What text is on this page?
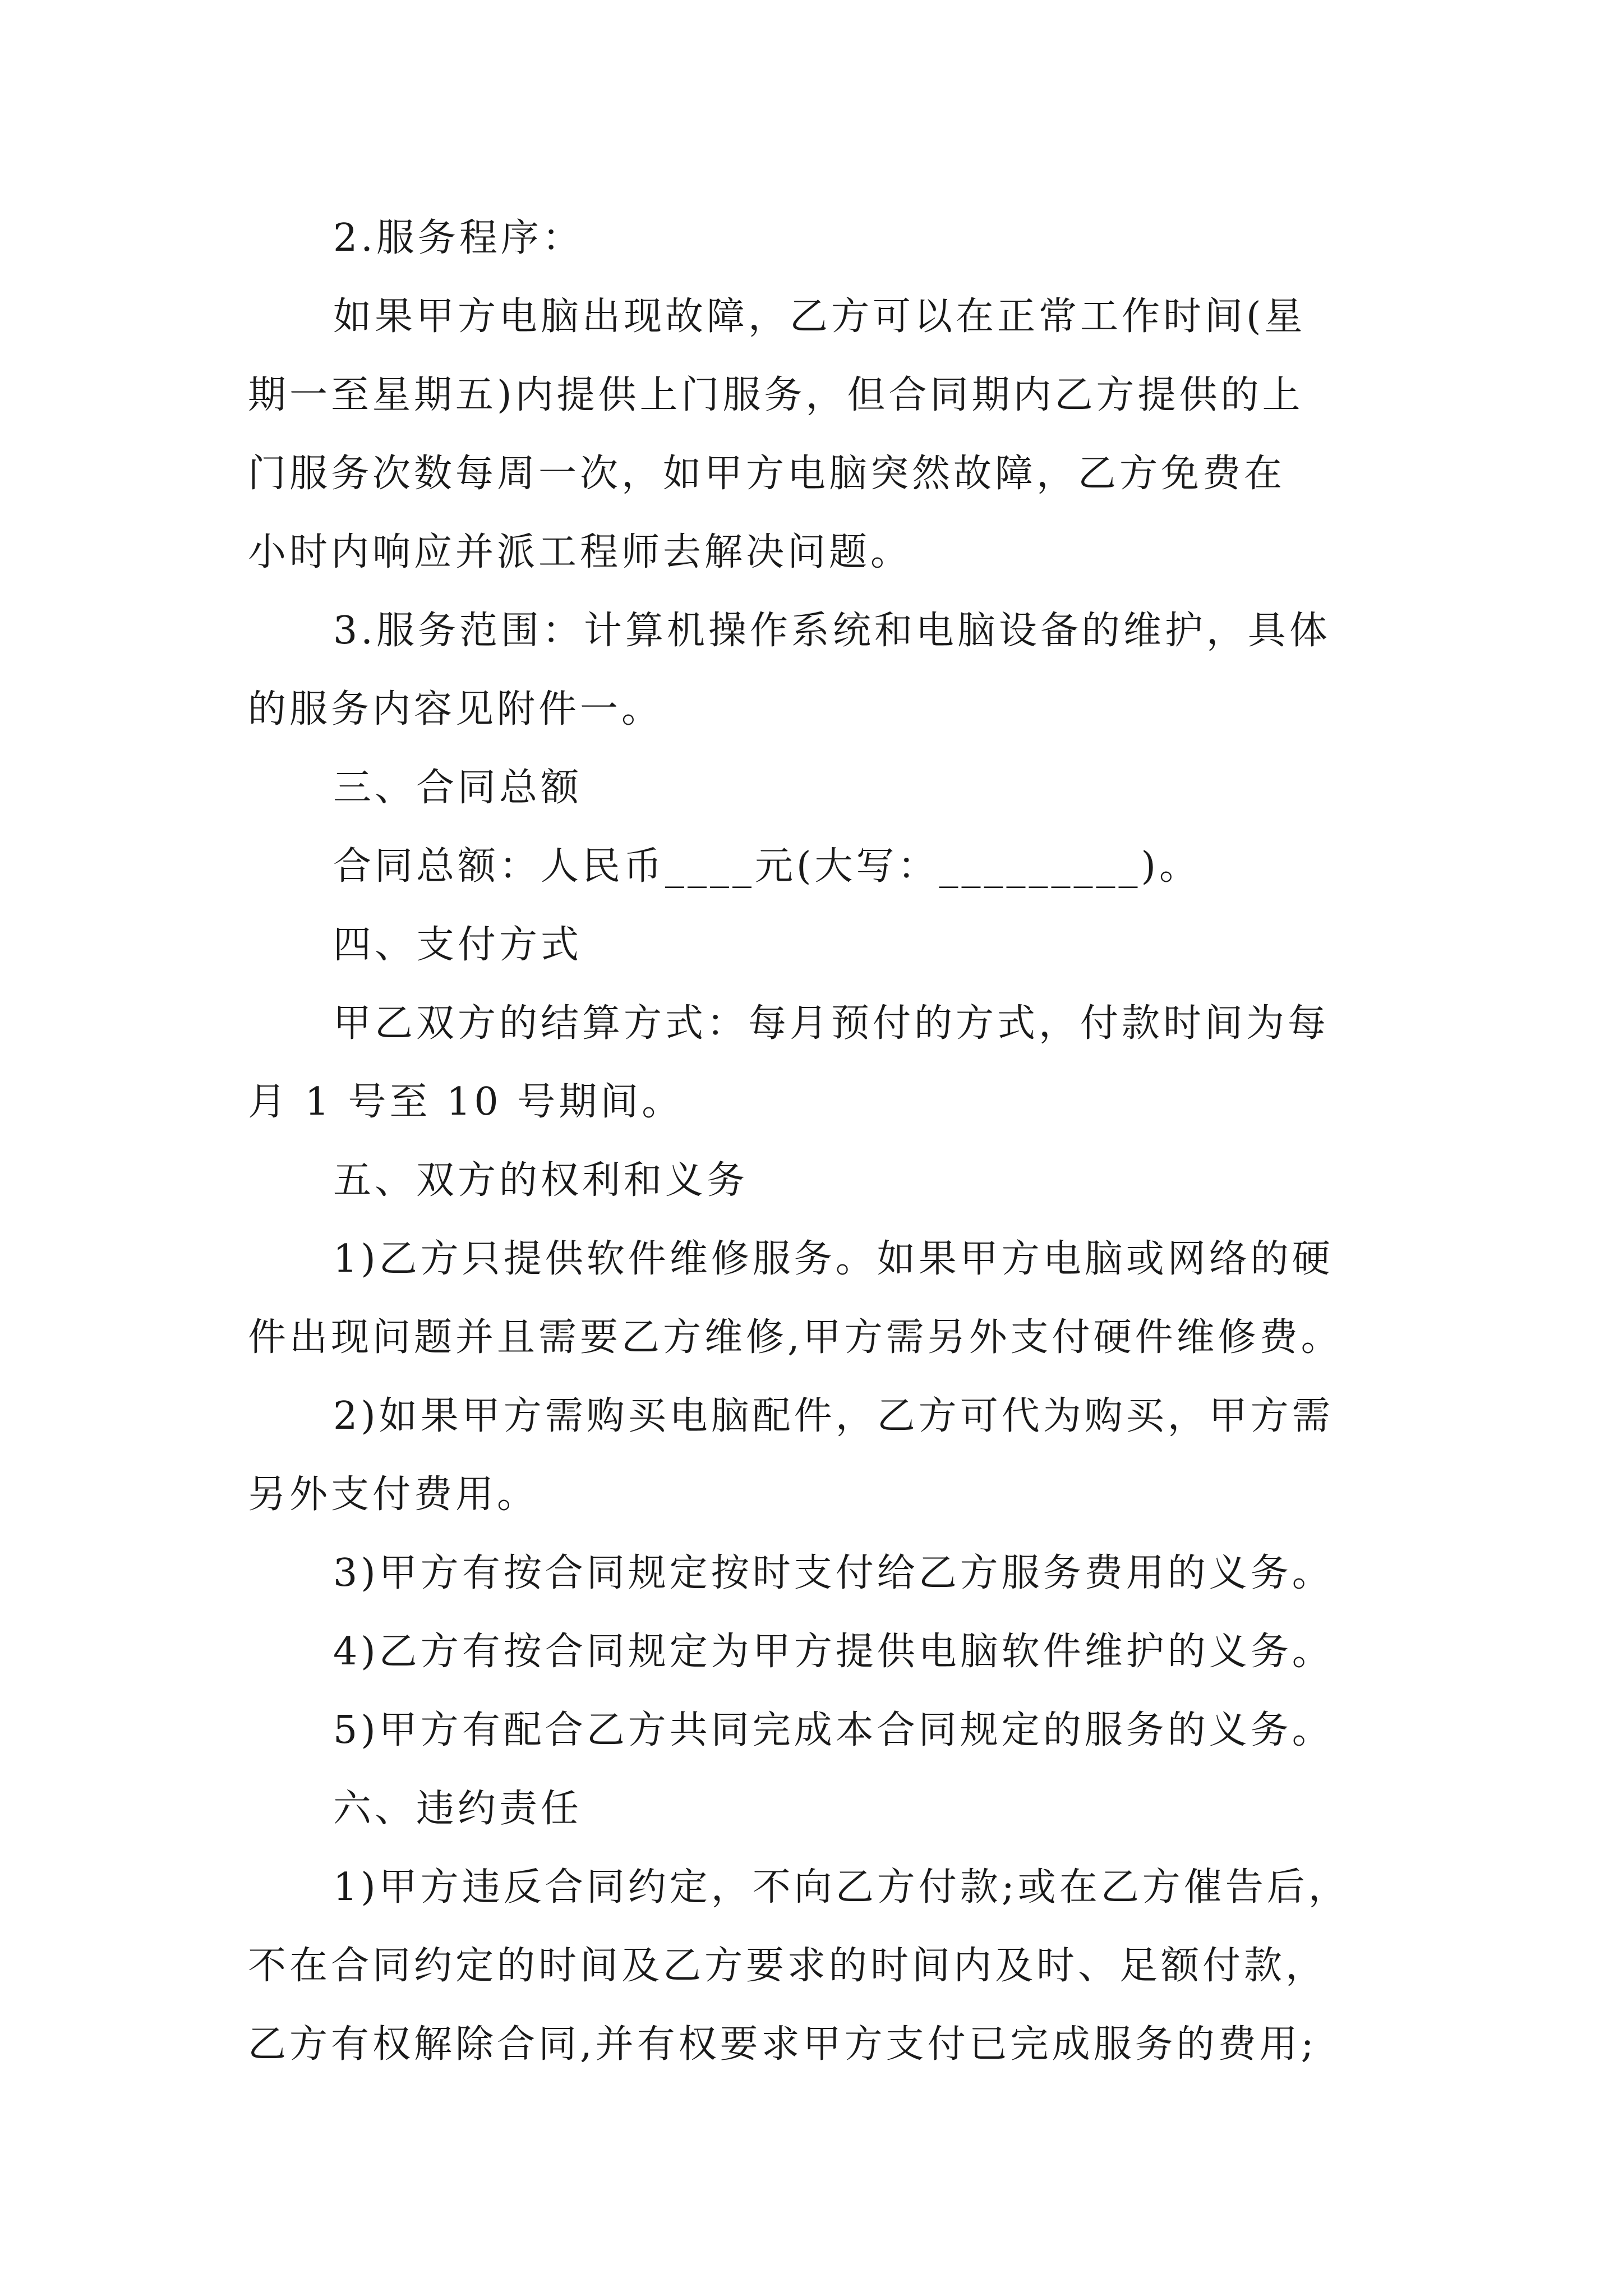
2.服务程序：
如果甲方电脑出现故障，乙方可以在正常工作时间(星
期一至星期五)内提供上门服务，但合同期内乙方提供的上
门服务次数每周一次，如甲方电脑突然故障，乙方免费在
小时内响应并派工程师去解决问题。
3.服务范围：计算机操作系统和电脑设备的维护，具体
的服务内容见附件一。
三、合同总额
合同总额：人民币____元(大写：_________)。
四、支付方式
甲乙双方的结算方式：每月预付的方式，付款时间为每
月 1 号至 10 号期间。
五、双方的权利和义务
1)乙方只提供软件维修服务。如果甲方电脑或网络的硬
件出现问题并且需要乙方维修,甲方需另外支付硬件维修费。
2)如果甲方需购买电脑配件，乙方可代为购买，甲方需
另外支付费用。
3)甲方有按合同规定按时支付给乙方服务费用的义务。
4)乙方有按合同规定为甲方提供电脑软件维护的义务。
5)甲方有配合乙方共同完成本合同规定的服务的义务。
六、违约责任
1)甲方违反合同约定，不向乙方付款;或在乙方催告后，
不在合同约定的时间及乙方要求的时间内及时、足额付款，
乙方有权解除合同,并有权要求甲方支付已完成服务的费用;
